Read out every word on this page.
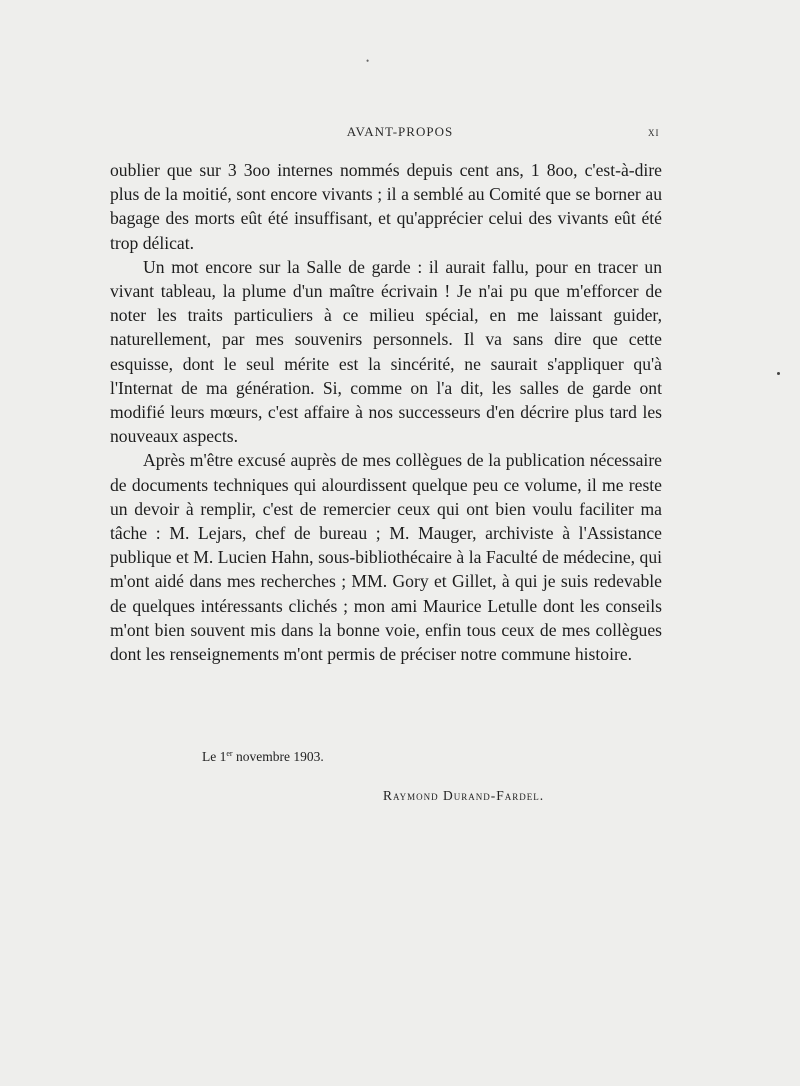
•
AVANT-PROPOS	xi

oublier que sur 3 3oo internes nommés depuis cent ans, 1 8oo, c'est-à-dire plus de la moitié, sont encore vivants ; il a semblé au Comité que se borner au bagage des morts eût été insuffisant, et qu'apprécier celui des vivants eût été trop délicat.

Un mot encore sur la Salle de garde : il aurait fallu, pour en tracer un vivant tableau, la plume d'un maître écrivain ! Je n'ai pu que m'efforcer de noter les traits particuliers à ce milieu spécial, en me laissant guider, naturellement, par mes souvenirs personnels. Il va sans dire que cette esquisse, dont le seul mérite est la sincérité, ne saurait s'appliquer qu'à l'Internat de ma génération. Si, comme on l'a dit, les salles de garde ont modifié leurs mœurs, c'est affaire à nos successeurs d'en décrire plus tard les nouveaux aspects.

Après m'être excusé auprès de mes collègues de la publication nécessaire de documents techniques qui alourdissent quelque peu ce volume, il me reste un devoir à remplir, c'est de remercier ceux qui ont bien voulu faciliter ma tâche : M. Lejars, chef de bureau ; M. Mauger, archiviste à l'Assistance publique et M. Lucien Hahn, sous-bibliothécaire à la Faculté de médecine, qui m'ont aidé dans mes recherches ; MM. Gory et Gillet, à qui je suis redevable de quelques intéressants clichés ; mon ami Maurice Letulle dont les conseils m'ont bien souvent mis dans la bonne voie, enfin tous ceux de mes collègues dont les renseignements m'ont permis de préciser notre commune histoire.

Le 1er novembre 1903.
Raymond Durand-Fardel.
